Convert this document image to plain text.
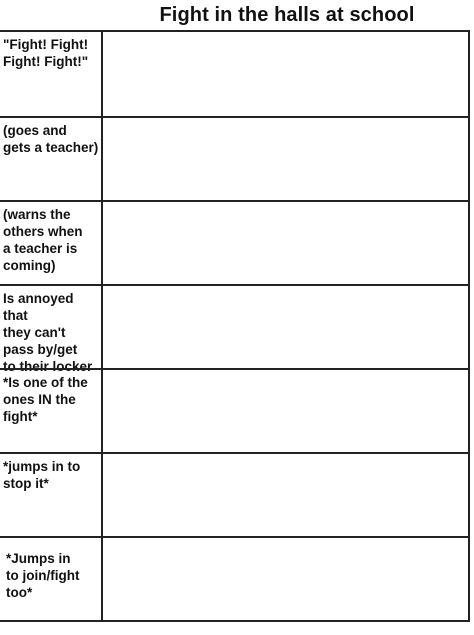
Fight in the halls at school
"Fight! Fight!
Fight! Fight!"
(goes and
gets a teacher)
(warns the
others when
a teacher is
coming)
Is annoyed that
they can't
pass by/get
to their locker
*Is one of the
ones IN the
fight*
*jumps in to
stop it*
*Jumps in
to join/fight
too*
